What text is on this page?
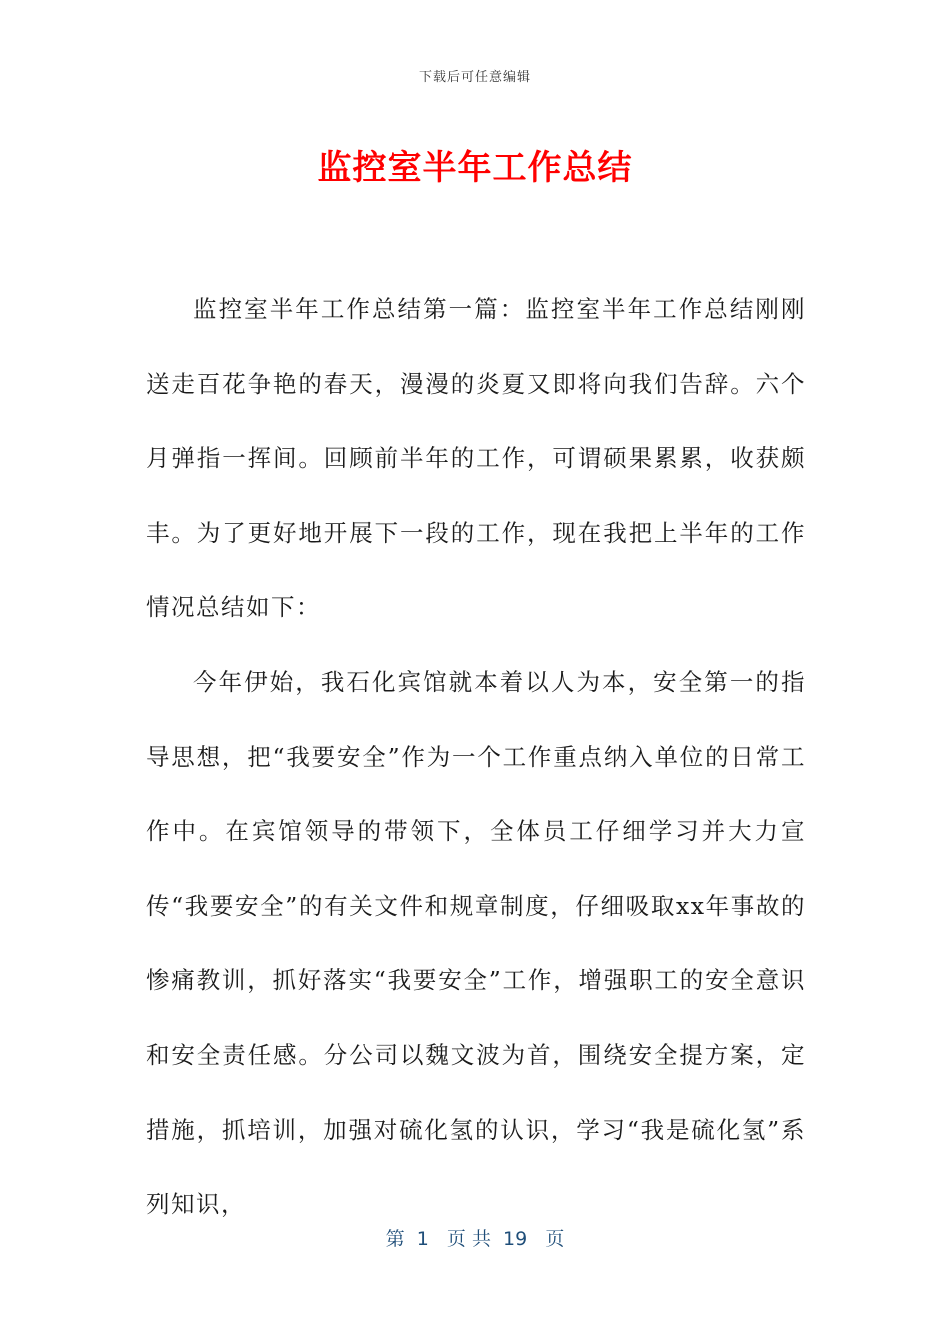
下载后可任意编辑
监控室半年工作总结

监控室半年工作总结第一篇：监控室半年工作总结刚刚送走百花争艳的春天，漫漫的炎夏又即将向我们告辞。六个月弹指一挥间。回顾前半年的工作，可谓硕果累累，收获颇丰。为了更好地开展下一段的工作，现在我把上半年的工作情况总结如下：

今年伊始，我石化宾馆就本着以人为本，安全第一的指导思想，把“我要安全”作为一个工作重点纳入单位的日常工作中。在宾馆领导的带领下，全体员工仔细学习并大力宣传“我要安全”的有关文件和规章制度，仔细吸取xx年事故的惨痛教训，抓好落实“我要安全”工作，增强职工的安全意识和安全责任感。分公司以魏文波为首，围绕安全提方案，定措施，抓培训，加强对硫化氢的认识，学习“我是硫化氢”系列知识，

第  1   页 共  19   页
